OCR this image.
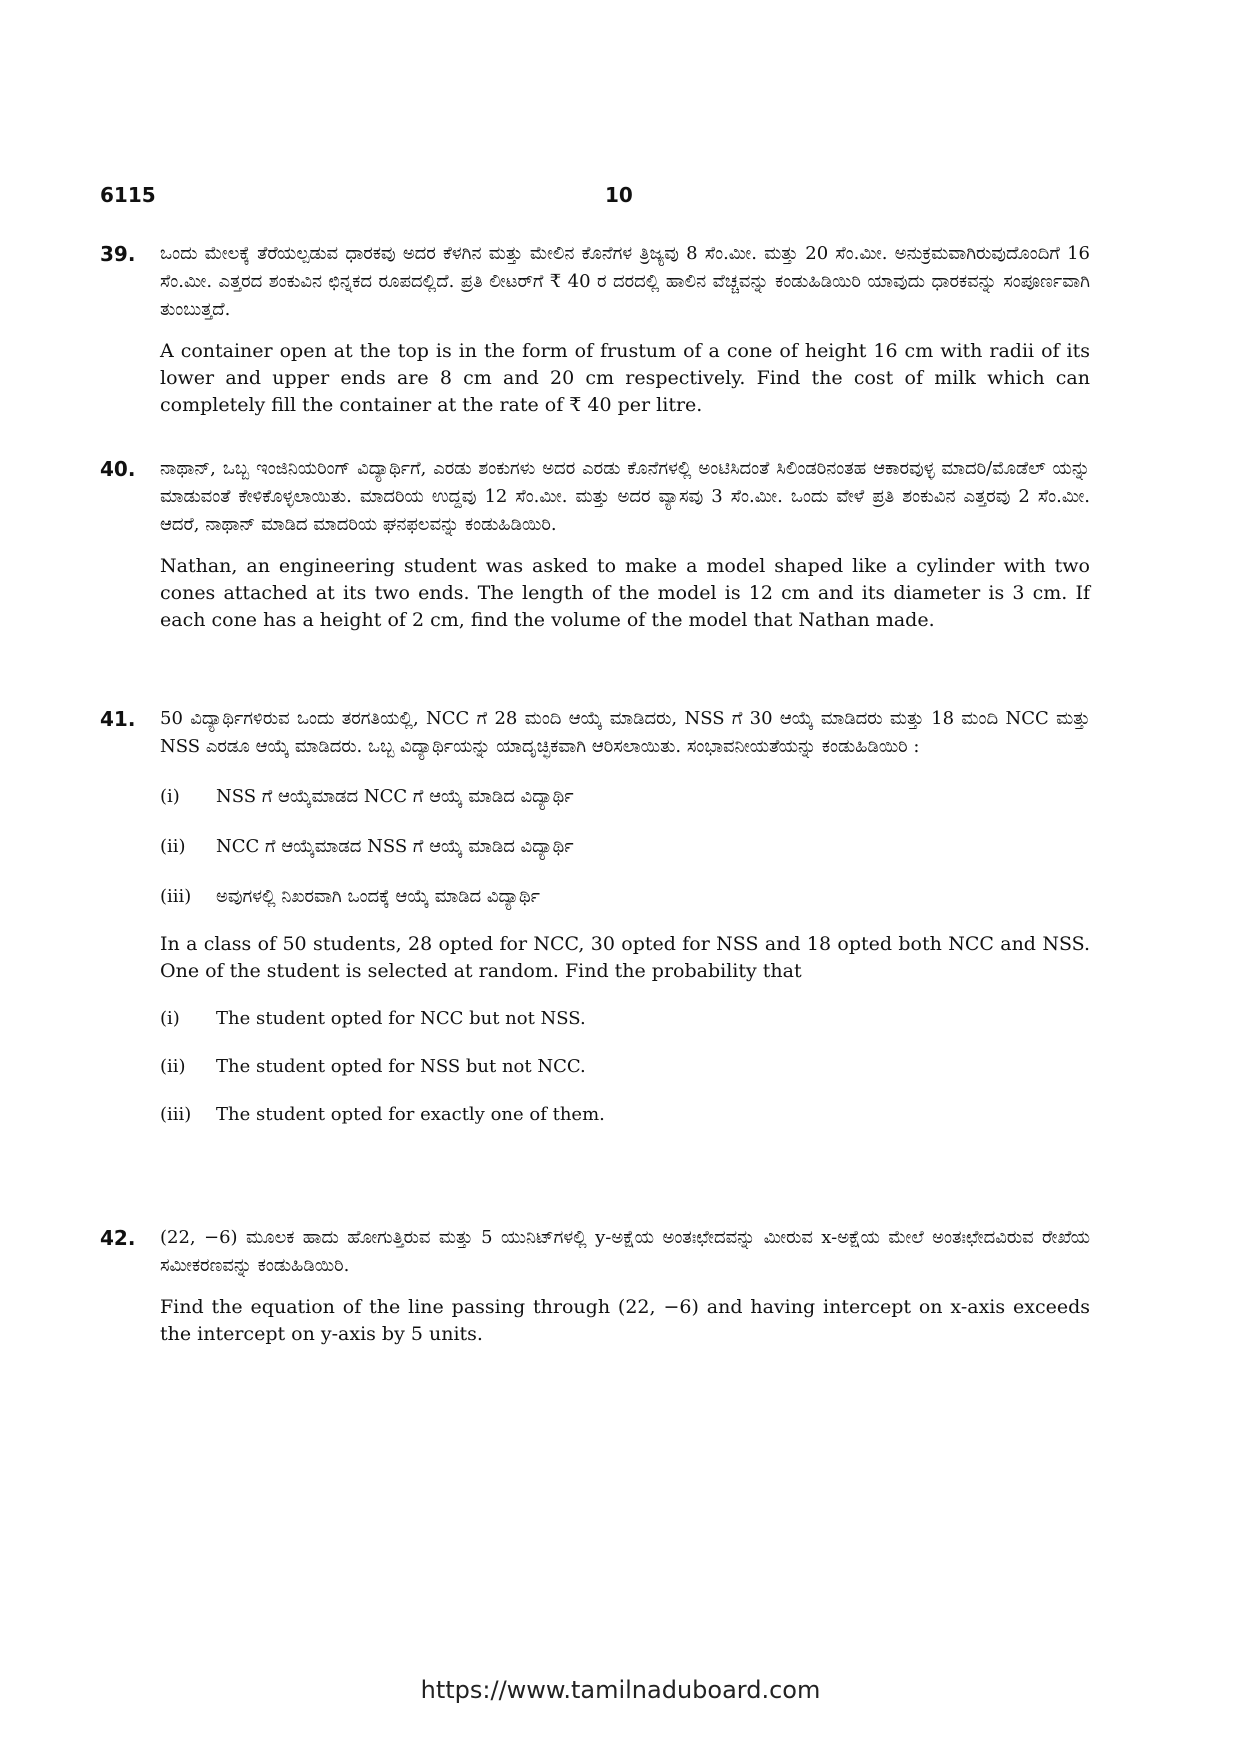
6115	10
39. ಒಂದು ಮೇಲಕ್ಕೆ ತೆರೆಯಲ್ಪಡುವ ಧಾರಕವು ಅದರ ಕೆಳಗಿನ ಮತ್ತು ಮೇಲಿನ ಕೊನೆಗಳ ತ್ರಿಜ್ಯವು 8 ಸೆಂ.ಮೀ. ಮತ್ತು 20 ಸೆಂ.ಮೀ. ಅನುಕ್ರಮವಾಗಿರುವುದೊಂದಿಗೆ 16 ಸೆಂ.ಮೀ. ಎತ್ತರದ ಶಂಕುವಿನ ಛಿನ್ನಕದ ರೂಪದಲ್ಲಿದೆ. ಪ್ರತಿ ಲೀಟರ್‌ಗೆ ₹ 40 ರ ದರದಲ್ಲಿ ಹಾಲಿನ ವೆಚ್ಚವನ್ನು ಕಂಡುಹಿಡಿಯಿರಿ ಯಾವುದು ಧಾರಕವನ್ನು ಸಂಪೂರ್ಣವಾಗಿ ತುಂಬುತ್ತದೆ.
A container open at the top is in the form of frustum of a cone of height 16 cm with radii of its lower and upper ends are 8 cm and 20 cm respectively. Find the cost of milk which can completely fill the container at the rate of ₹ 40 per litre.
40. ನಾಥಾನ್, ಒಬ್ಬ ಇಂಜಿನಿಯರಿಂಗ್ ವಿದ್ಯಾರ್ಥಿಗೆ, ಎರಡು ಶಂಕುಗಳು ಅದರ ಎರಡು ಕೊನೆಗಳಲ್ಲಿ ಅಂಟಿಸಿದಂತೆ ಸಿಲಿಂಡರಿನಂತಹ ಆಕಾರವುಳ್ಳ ಮಾದರಿ/ಮೊಡೆಲ್ ಯನ್ನು ಮಾಡುವಂತೆ ಕೇಳಿಕೊಳ್ಳಲಾಯಿತು. ಮಾದರಿಯ ಉದ್ದವು 12 ಸೆಂ.ಮೀ. ಮತ್ತು ಅದರ ವ್ಯಾಸವು 3 ಸೆಂ.ಮೀ. ಒಂದು ವೇಳೆ ಪ್ರತಿ ಶಂಕುವಿನ ಎತ್ತರವು 2 ಸೆಂ.ಮೀ. ಆದರೆ, ನಾಥಾನ್ ಮಾಡಿದ ಮಾದರಿಯ ಘನಫಲವನ್ನು ಕಂಡುಹಿಡಿಯಿರಿ.
Nathan, an engineering student was asked to make a model shaped like a cylinder with two cones attached at its two ends. The length of the model is 12 cm and its diameter is 3 cm. If each cone has a height of 2 cm, find the volume of the model that Nathan made.
41. 50 ವಿದ್ಯಾರ್ಥಿಗಳಿರುವ ಒಂದು ತರಗತಿಯಲ್ಲಿ, NCC ಗೆ 28 ಮಂದಿ ಆಯ್ಕೆ ಮಾಡಿದರು, NSS ಗೆ 30 ಆಯ್ಕೆ ಮಾಡಿದರು ಮತ್ತು 18 ಮಂದಿ NCC ಮತ್ತು NSS ಎರಡೂ ಆಯ್ಕೆ ಮಾಡಿದರು. ಒಬ್ಬ ವಿದ್ಯಾರ್ಥಿಯನ್ನು ಯಾದೃಚ್ಛಿಕವಾಗಿ ಆರಿಸಲಾಯಿತು. ಸಂಭಾವನೀಯತೆಯನ್ನು ಕಂಡುಹಿಡಿಯಿರಿ :
(i)	NSS ಗೆ ಆಯ್ಕೆಮಾಡದ NCC ಗೆ ಆಯ್ಕೆ ಮಾಡಿದ ವಿದ್ಯಾರ್ಥಿ
(ii)	NCC ಗೆ ಆಯ್ಕೆಮಾಡದ NSS ಗೆ ಆಯ್ಕೆ ಮಾಡಿದ ವಿದ್ಯಾರ್ಥಿ
(iii)	ಅವುಗಳಲ್ಲಿ ನಿಖರವಾಗಿ ಒಂದಕ್ಕೆ ಆಯ್ಕೆ ಮಾಡಿದ ವಿದ್ಯಾರ್ಥಿ
In a class of 50 students, 28 opted for NCC, 30 opted for NSS and 18 opted both NCC and NSS. One of the student is selected at random. Find the probability that
(i)	The student opted for NCC but not NSS.
(ii)	The student opted for NSS but not NCC.
(iii)	The student opted for exactly one of them.
42. (22, −6) ಮೂಲಕ ಹಾದು ಹೋಗುತ್ತಿರುವ ಮತ್ತು 5 ಯುನಿಟ್‌ಗಳಲ್ಲಿ y-ಅಕ್ಷೆಯ ಅಂತಃಛೇದವನ್ನು ಮೀರುವ x-ಅಕ್ಷೆಯ ಮೇಲೆ ಅಂತಃಛೇದವಿರುವ ರೇಖೆಯ ಸಮೀಕರಣವನ್ನು ಕಂಡುಹಿಡಿಯಿರಿ.
Find the equation of the line passing through (22, −6) and having intercept on x-axis exceeds the intercept on y-axis by 5 units.
https://www.tamilnaduboard.com
